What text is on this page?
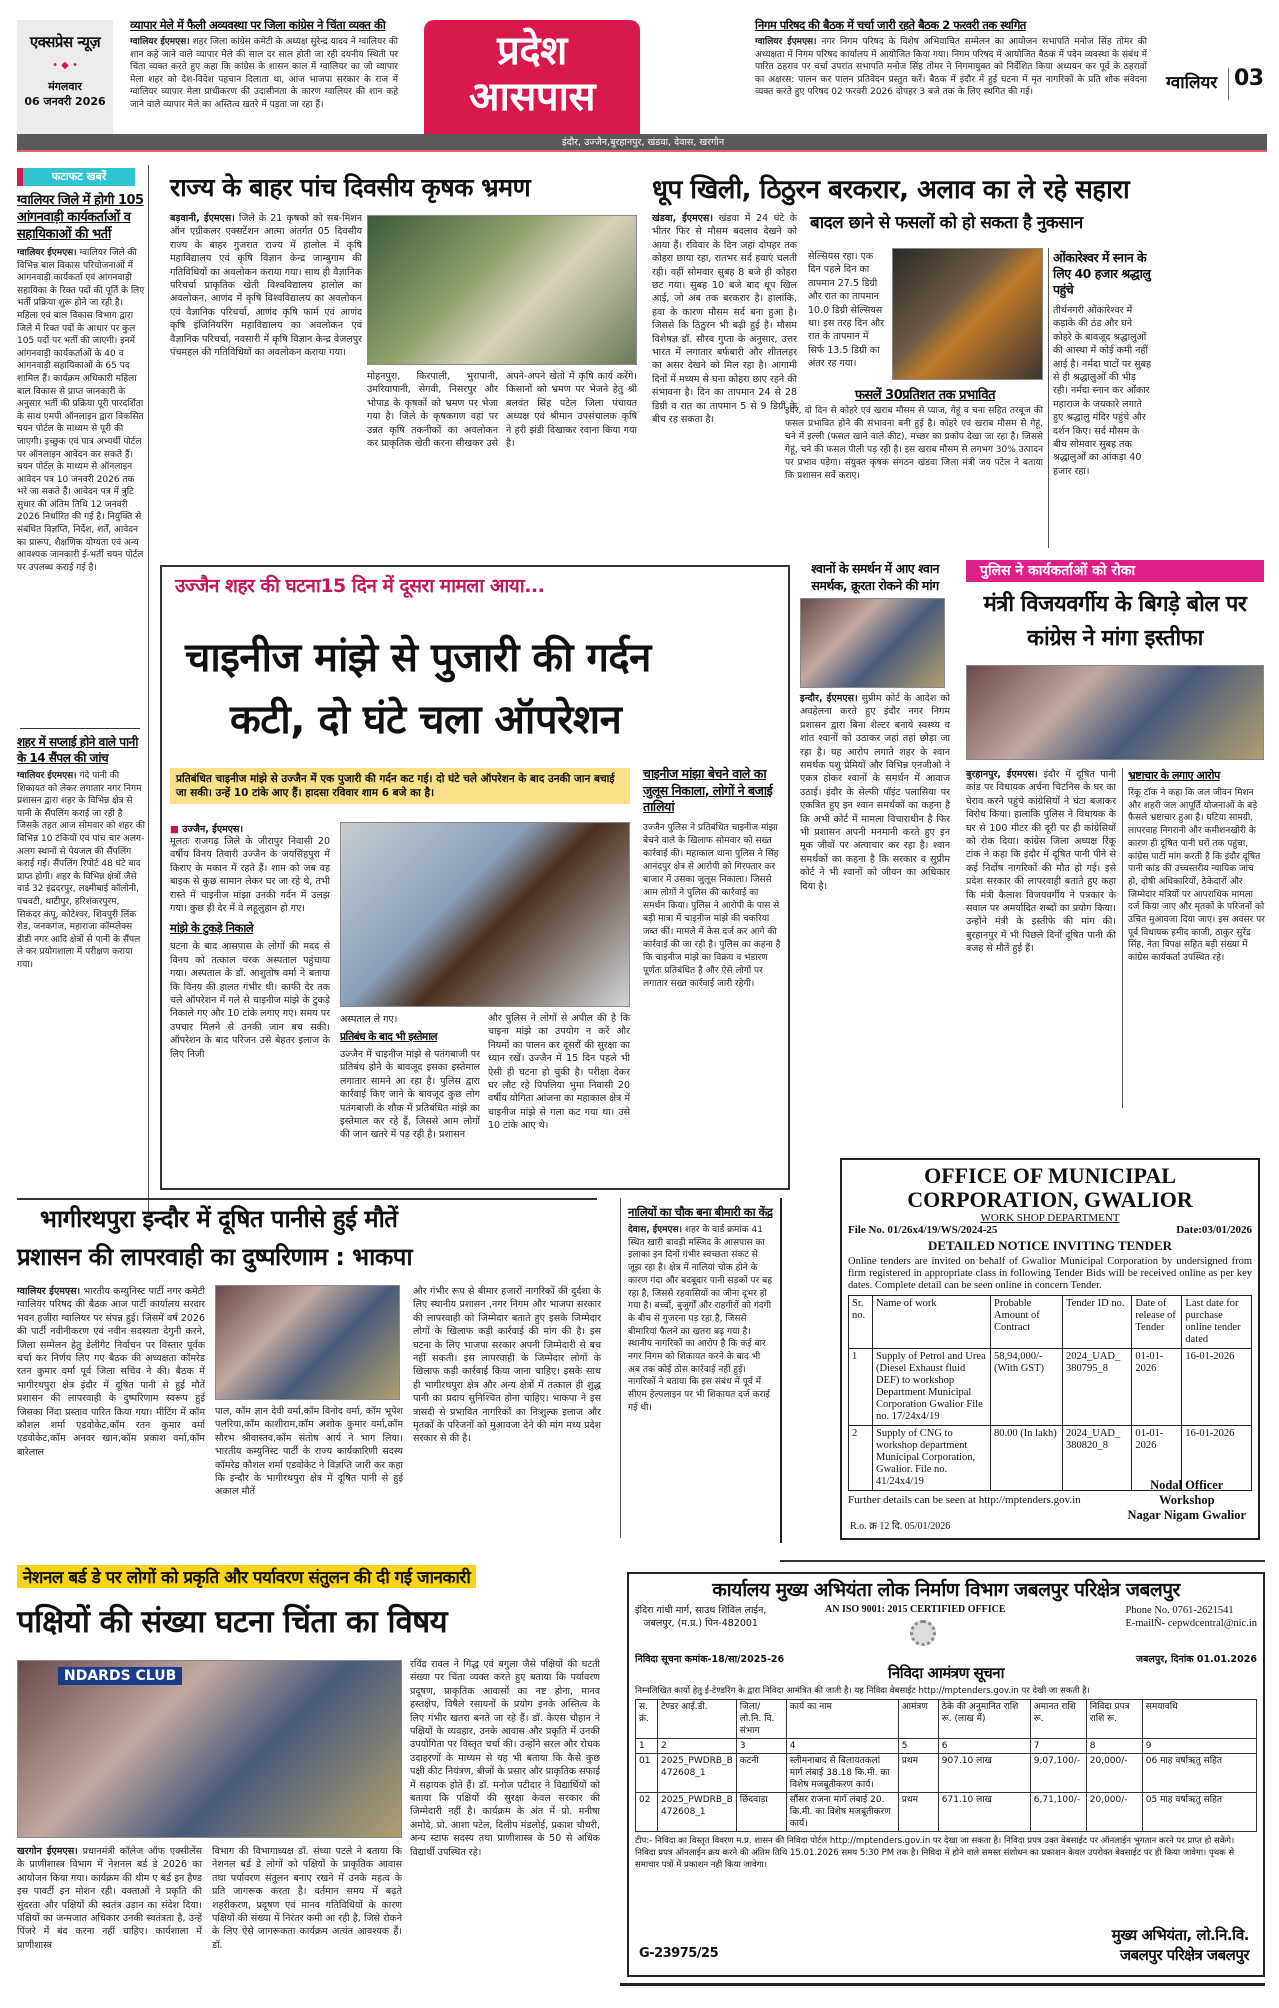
एक्सप्रेस न्यूज़
• ◆ •
मंगलवार
06 जनवरी 2026
व्यापार मेले में फैली अव्यवस्था पर जिला कांग्रेस ने चिंता व्यक्त की
ग्वालियर ईएमएस। शहर जिला कांग्रेस कमेटी के अध्यक्ष सुरेन्द्र यादव ने ग्वालियर की शान कहे जाने वाले व्यापार मेले की साल दर साल होती जा रही दयनीय स्थिती पर चिंता व्यक्त करते हुए कहा कि कांग्रेस के शासन काल में ग्वालियर का जो व्यापार मेला शहर को देश-विदेश पहचान दिलाता था, आज भाजपा सरकार के राज में ग्वालियर व्यापार मेला प्राधीकरण की उदासीनता के कारण ग्वालियर की शान कहे जाने वाले व्यापार मेले का अस्तित्व खतरे में पड़ता जा रहा हैं।
प्रदेश
आसपास
निगम परिषद की बैठक में चर्चा जारी रहते बैठक 2 फरवरी तक स्थगित
ग्वालियर ईएमएस। नगर निगम परिषद के विशेष अभियाचित सम्मेलन का आयोजन सभापति मनोज सिंह तोमर की अध्यक्षता में निगम परिषद कार्यालय में आयोजित किया गया। निगम परिषद में आयोजित बैठक में पदेन व्यवस्था के संबंध में पारित ठहराव पर चर्चा उपरांत सभापति मनोज सिंह तोमर ने निगमायुक्त को निर्देशित किया अध्ययन कर पूर्व के ठहरावों का अक्षरस: पालन कर पालन प्रतिवेदन प्रस्तुत करें। बैठक में इंदौर में हुई घटना में मृत नागरिकों के प्रति शोक संवेदना व्यक्त करते हुए परिषद 02 फरवरी 2026 दोपहर 3 बजे तक के लिए स्थगित की गई।	ग्वालियर 03
इंदौर, उज्जैन,बुरहानपुर, खंडवा, देवास, खरगौन
फटाफट खबरें
ग्वालियर जिले में होगी 105 आंगनवाड़ी कार्यकर्ताओं व सहायिकाओं की भर्ती
ग्वालियर ईएमएस। ग्वालियर जिले की विभिन्न बाल विकास परियोजनाओं में आंगनवाड़ी कार्यकर्ता एवं आंगनवाड़ी सहायिका के रिक्त पदों की पूर्ति के लिए भर्ती प्रक्रिया शुरू होने जा रही है। महिला एवं बाल विकास विभाग द्वारा जिले में रिक्त पदों के आधार पर कुल 105 पदों पर भर्ती की जाएगी। इनमें आंगनवाड़ी कार्यकर्ताओं के 40 व आंगनवाड़ी सहायिकाओं के 65 पद शामिल हैं। कार्यक्रम अधिकारी महिला बाल विकास से प्राप्त जानकारी के अनुसार भर्ती की प्रक्रिया पूरी पारदर्शिता के साथ एमपी ऑनलाइन द्वारा विकसित चयन पोर्टल के माध्यम से पूरी की जाएगी। इच्छुक एवं पात्र अभ्यर्थी पोर्टल पर ऑनलाइन आवेदन कर सकते हैं। चयन पोर्टल के माध्यम से ऑनलाइन आवेदन पत्र 10 जनवरी 2026 तक भरे जा सकते हैं। आवेदन पत्र में त्रुटि सुधार की अंतिम तिथि 12 जनवरी 2026 निर्धारित की गई है। नियुक्ति से संबंधित विज्ञप्ति, निर्देश, शर्तें, आवेदन का प्रारूप, शैक्षणिक योग्यता एवं अन्य आवश्यक जानकारी ई-भर्ती चयन पोर्टल पर उपलब्ध कराई गई है।
शहर में सप्लाई होने वाले पानी के 14 सैंपल की जांच
ग्वालियर ईएमएस। गंदे पानी की शिकायत को लेकर लगातार नगर निगम प्रशासन द्वारा शहर के विभिन्न क्षेत्र से पानी के सैंपलिंग कराई जा रही है जिसके तहत आज सोमवार को शहर की विभिन्न 10 टंकियों एवं पांच चार अलग-अलग स्थानों से पेयजल की सैंपलिंग कराई गई। सैंपलिंग रिपोर्ट 48 घंटे बाद प्राप्त होगी। शहर के विभिन्न क्षेत्रों जैसे वार्ड 32 इंद्रदरपुर, लक्ष्मीबाई कॉलोनी, पंचवटी, थाटीपुर, हरिशंकरपुरम, सिकंदर कंपू, कोटेश्वर, शिवपुरी लिंक रोड, जनकगंज, महाराजा कॉम्प्लेक्स डीडी नगर आदि क्षेत्रों से पानी के सैंपल ले कर प्रयोगशाला में परीक्षण कराया गया।
राज्य के बाहर पांच दिवसीय कृषक भ्रमण
बड़वानी, ईएमएस। जिले के 21 कृषको को सब-मिशन ऑन एग्रीकलर एक्सटेंशन आत्मा अंतर्गत 05 दिवसीय राज्य के बाहर गुजरात राज्य में हालोल में कृषि महाविद्यालय एवं कृषि विज्ञान केन्द्र जाम्बुगाम की गतिविधियों का अवलोकन कराया गया। साथ ही वैज्ञानिक परिचर्चा प्राकृतिक खेती विश्वविद्यालय हालोल का अवलोकन, आणंद में कृषि विश्वविद्यालय का अवलोकन एवं वैज्ञानिक परिचर्चा, आणंद कृषि फार्म एवं आणंद कृषि इंजिनियरिंग महाविद्यालय का अवलोकन एवं वैज्ञानिक परिचर्चा, नवसारी में कृषि विज्ञान केन्द्र वेजलपुर पंचमहल की गतिविधियों का अवलोकन कराया गया।
मोहनपुरा, किरपाली, भुरापानी, उमरियापानी, सेगवी, निसरपुर और भोपाड के कृषकों को भ्रमण पर भेजा गया है। जिले के कृषकगण वहां पर उन्नत कृषि तकनीकों का अवलोकन कर प्राकृतिक खेती करना सीखकर उसे अपने-अपने खेतो में कृषि कार्य करेंगे। किसानों को भ्रमण पर भेजने हेतु श्री बलवंत सिंह पटेल जिला पंचायत अध्यक्ष एवं श्रीमान उपसंचालक कृषि ने हरी झंडी दिखाकर रवाना किया गया है।
धूप खिली, ठिठुरन बरकरार, अलाव का ले रहे सहारा
खंडवा, ईएमएस। खंडवा में 24 घंटे के भीतर फिर से मौसम बदलाव देखने को आया हैं। रविवार के दिन जहां दोपहर तक कोहरा छाया रहा, रातभर सर्द हवाएं चलती रही। वहीं सोमवार सुबह 8 बजे ही कोहरा छट गया। सुबह 10 बजे बाद धूप खिल आई, जो अब तक बरकरार है। हालांकि, हवा के कारण मौसम सर्द बना हुआ है। जिससे कि ठिठुरन भी बढ़ी हुई है। मौसम विशेषज्ञ डॉ. सौरव गुप्ता के अनुसार, उत्तर भारत में लगातार बर्फबारी और शीतलहर का असर देखने को मिल रहा है। आगामी दिनों में मध्यम से घना कोहरा छाए रहने की संभावना है। दिन का तापमान 24 से 28 डिग्री व रात का तापमान 5 से 9 डिग्री के बीच रह सकता है।
बादल छाने से फसलों को हो सकता है नुकसान
सेल्सियस रहा। एक दिन पहले दिन का तापमान 27.5 डिग्री और रात का तापमान 10.0 डिग्री सेल्सियस था। इस तरह दिन और रात के तापमान में सिर्फ 13.5 डिग्री का अंतर रह गया।
फसलें 30प्रतिशत तक प्रभावित
इधर, दो दिन से कोहरे एवं खराब मौसम से प्याज, गेहूं व चना सहित तरबूज की फसल प्रभावित होने की संभावना बनी हुई है। कोहरे एवं खराब मौसम से गेहूं, चने में इल्ली (फसल खाने वाले कीट), मच्छर का प्रकोप देखा जा रहा है। जिससे गेहूं, चने की फसल पीली पड़ रही है। इस खराब मौसम से लगभग 30% उत्पादन पर प्रभाव पड़ेगा। संयुक्त कृषक संगठन खंडवा जिला मंत्री जय पटेल ने बताया कि प्रशासन सर्वे कराए।
ओंकारेश्वर में स्नान के लिए 40 हजार श्रद्धालु पहुंचे
तीर्थनगरी ओंकारेश्वर में कड़ाके की ठंड और घने कोहरे के बावजूद श्रद्धालुओं की आस्था में कोई कमी नहीं आई है। नर्मदा घाटों पर सुबह से ही श्रद्धालुओं की भीड़ रही। नर्मदा स्नान कर ओंकार महाराज के जयकारे लगाते हुए श्रद्धालु मंदिर पहुंचे और दर्शन किए। सर्द मौसम के बीच सोमवार सुबह तक श्रद्धालुओं का आंकड़ा 40 हजार रहा।
उज्जैन शहर की घटना15 दिन में दूसरा मामला आया...
चाइनीज मांझे से पुजारी की गर्दन
कटी, दो घंटे चला ऑपरेशन
प्रतिबंधित चाइनीज मांझे से उज्जैन में एक पुजारी की गर्दन कट गई। दो घंटे चले ऑपरेशन के बाद उनकी जान बचाई जा सकी। उन्हें 10 टांके आए हैं। हादसा रविवार शाम 6 बजे का है।
■ उज्जैन, ईएमएस।
मूलतः राजगढ़ जिले के जीरापुर निवासी 20 वर्षीय विनय तिवारी उज्जैन के जयसिंहपुरा में किराए के मकान में रहते हैं। शाम को जब वह बाइक से कुछ सामान लेकर घर जा रहे थे, तभी रास्ते में चाइनीज मांझा उनकी गर्दन में उलझ गया। कुछ ही देर में वे लहूलुहान हो गए।
मांझे के टुकड़े निकाले
घटना के बाद आसपास के लोगों की मदद से विनय को तत्काल चरक अस्पताल पहुंचाया गया। अस्पताल के डॉ. आशुतोष वर्मा ने बताया कि विनय की हालत गंभीर थी। काफी देर तक चले ऑपरेशन में गले से चाइनीज मांझे के टुकड़े निकाले गए और 10 टांके लगाए गए। समय पर उपचार मिलने से उनकी जान बच सकी। ऑपरेशन के बाद परिजन उसे बेहतर इलाज के लिए निजी
अस्पताल ले गए।
प्रतिबंध के बाद भी इस्तेमाल
उज्जैन में चाइनीज मांझे से पतंगबाजी पर प्रतिबंध होने के बावजूद इसका इस्तेमाल लगातार सामने आ रहा है। पुलिस द्वारा कार्रवाई किए जाने के बावजूद कुछ लोग पतंगबाजी के शौक में प्रतिबंधित मांझे का इस्तेमाल कर रहे हैं, जिससे आम लोगों की जान खतरे में पड़ रही है। प्रशासन
और पुलिस ने लोगों से अपील की है कि चाइना मांझे का उपयोग न करें और नियमों का पालन कर दूसरों की सुरक्षा का ध्यान रखें। उज्जैन में 15 दिन पहले भी ऐसी ही घटना हो चुकी है। परीक्षा देकर घर लौट रहे पिपलिया भुमा निवासी 20 वर्षीय योगिता आंजना का महाकाल क्षेत्र में चाइनीज मांझे से गला कट गया था। उसे 10 टांके आए थे।
चाइनीज मांझा बेचने वाले का जुलूस निकाला, लोगों ने बजाई तालियां
उज्जैन पुलिस ने प्रतिबंधित चाइनीज मांझा बेचने वाले के खिलाफ सोमवार को सख्त कार्रवाई की। महाकाल थाना पुलिस ने सिंह आनंदपुर क्षेत्र से आरोपी को गिरफ्तार कर बाजार में उसका जुलूस निकाला। जिससे आम लोगों ने पुलिस की कार्रवाई का समर्थन किया। पुलिस ने आरोपी के पास से बड़ी मात्रा में चाइनीज मांझे की चकरियां जब्त कीं। मामले में केस दर्ज कर आगे की कार्रवाई की जा रही है। पुलिस का कहना है कि चाइनीज मांझे का विक्रय व भंडारण पूर्णतः प्रतिबंधित है और ऐसे लोगों पर लगातार सख्त कार्रवाई जारी रहेगी।
श्वानों के समर्थन में आए श्वान समर्थक, क्रूरता रोकने की मांग
इन्दौर, ईएमएस। सुप्रीम कोर्ट के आदेश को अवहेलना करते हुए इंदौर नगर निगम प्रशासन द्वारा बिना शेल्टर बनाये स्वस्थ्य व शांत श्वानों को उठाकर जहां तहां छोड़ा जा रहा है। यह आरोप लगाते शहर के श्वान समर्थक पशु प्रेमियों और विभिन्न एनजीओ ने एकत्र होकर श्वानों के समर्थन में आवाज उठाई। इंदौर के सेल्फी पॉइंट पलासिया पर एकत्रित हुए इन श्वान समर्थकों का कहना है कि अभी कोर्ट में मामला विचाराधीन है फिर भी प्रशासन अपनी मनमानी करते हुए इन मूक जीवों पर अत्याचार कर रहा है। श्वान समर्थकों का कहना है कि सरकार व सुप्रीम कोर्ट ने भी श्वानों को जीवन का अधिकार दिया है।
पुलिस ने कार्यकर्ताओं को रोका
मंत्री विजयवर्गीय के बिगड़े बोल पर कांग्रेस ने मांगा इस्तीफा
बुरहानपुर, ईएमएस। इंदौर में दूषित पानी कांड पर विधायक अर्चना चिटनिस के घर का घेराव करने पहुंचे कांग्रेसियों ने घंटा बजाकर विरोध किया। हालांकि पुलिस ने विधायक के घर से 100 मीटर की दूरी पर ही कांग्रेसियों को रोक दिया। कांग्रेस जिला अध्यक्ष रिंकू टांक ने कहा कि इंदौर में दूषित पानी पीने से कई निर्दोष नागरिकों की मौत हो गई। इसे प्रदेश सरकार की लापरवाही बताते हुए कहा कि मंत्री कैलाश विजयवर्गीय ने पत्रकार के सवाल पर अमर्यादित शब्दों का प्रयोग किया। उन्होंने मंत्री के इस्तीफे की मांग की। बुरहानपुर में भी पिछले दिनों दूषित पानी की वजह से मौतें हुई हैं।
भ्रष्टाचार के लगाए आरोप
रिंकू टॉक ने कहा कि जल जीवन मिशन और शहरी जल आपूर्ति योजनाओं के बड़े फैसले भ्रष्टाचार हुआ है। घटिया सामग्री, लापरवाह निगरानी और कमीशनखोरी के कारण ही दूषित पानी घरों तक पहुंचा, कांग्रेस पार्टी मांग करती है कि इंदौर दूषित पानी कांड की उच्चस्तरीय न्यायिक जांच हो, दोषी अधिकारियों, ठेकेदारों और जिम्मेदार मंत्रियों पर आपराधिक मामला दर्ज किया जाए और मृतकों के परिजनों को उचित मुआवजा दिया जाए। इस अवसर पर पूर्व विधायक हमीद काजी, ठाकुर सुरेंद्र सिंह, नेता विपक्ष सहित बड़ी संख्या में कांग्रेस कार्यकर्ता उपस्थित रहे।
OFFICE OF MUNICIPAL
CORPORATION, GWALIOR
WORK SHOP DEPARTMENT
File No. 01/26x4/19/WS/2024-25	Date:03/01/2026
DETAILED NOTICE INVITING TENDER
Online tenders are invited on behalf of Gwalior Municipal Corporation by undersigned from firm registered in appropriate class in following Tender Bids will be received online as per key dates. Complete detail can be seen online in concern Tender.
Sr. no.	Name of work	Probable Amount of Contract	Tender ID no.	Date of release of Tender	Last date for purchase online tender dated
1	Supply of Petrol and Urea (Diesel Exhaust fluid DEF) to workshop Department Municipal Corporation Gwalior File no. 17/24x4/19	58,94,000/- (With GST)	2024_UAD_ 380795_8	01-01-2026	16-01-2026
2	Supply of CNG to workshop department Municipal Corporation, Gwalior. File no. 41/24x4/19	80.00 (In lakh)	2024_UAD_ 380820_8	01-01-2026	16-01-2026
Further details can be seen at http://mptenders.gov.in
Nodal Officer
Workshop
Nagar Nigam Gwalior
R.o. क्र 12 दि. 05/01/2026
भागीरथपुरा इन्दौर में दूषित पानीसे हुई मौतें
प्रशासन की लापरवाही का दुष्परिणाम : भाकपा
ग्वालियर ईएमएस। भारतीय कम्युनिस्ट पार्टी नगर कमेटी ग्वालियर परिषद की बैठक आज पार्टी कार्यालय सरदार भवन हजीरा ग्वालियर पर संपन्न हुई। जिसमें वर्ष 2026 की पार्टी नवीनीकरण एवं नवीन सदस्यता देगुनी करने, जिला सम्मेलन हेतु डेलीगेट निर्वाचन पर विस्तार पूर्वक चर्चा कर निर्णय लिए गए बैठक की अध्यक्षता कॉमरेड रतन कुमार वर्मा पूर्व जिला सचिव ने की। बैठक में भागीरथपुरा क्षेत्र इंदौर में दूषित पानी से हुई मौतें प्रशासन की लापरवाही के दुष्परिणाम स्वरूप हुई जिसका निंदा प्रस्ताव पारित किया गया। मीटिंग में कॉम कौशल शर्मा एडवोकेट,कॉम रतन कुमार वर्मा एडवोकेट,कॉम अनवर खान,कॉम प्रकाश वर्मा,कॉम बारेलाल
पाल, कॉम ज्ञान देवी वर्मा,कॉम विनोद वर्मा, कॉम भूपेश पलरिया,कॉम काशीराम,कॉम अशोक कुमार वर्मा,कॉम सौरभ श्रीवास्तव,कॉम संतोष आर्य ने भाग लिया। भारतीय कम्युनिस्ट पार्टी के राज्य कार्यकारिणी सदस्य कॉमरेड कौशल शर्मा एडवोकेट ने विज्ञप्ति जारी कर कहा कि इन्दौर के भागीरथपुरा क्षेत्र में दूषित पानी से हुई अकाल मौतें
और गंभीर रूप से बीमार हजारों नागरिकों की दुर्दशा के लिए स्थानीय प्रशासन ,नगर निगम और भाजपा सरकार की लापरवाही को जिम्मेदार बताते हुए इसके जिम्मेदार लोगों के खिलाफ कड़ी कार्रवाई की मांग की है। इस घटना के लिए भाजपा सरकार अपनी जिम्मेदारी से बच नहीं सकती। इस लापरवाही के जिम्मेदार लोगों के खिलाफ कड़ी कार्रवाई किया जाना चाहिए। इसके साथ ही भागीरथपुरा क्षेत्र और अन्य क्षेत्रों में तत्काल ही शुद्ध पानी का प्रदाय सुनिश्चित होना चाहिए। भाकपा ने इस त्रासदी से प्रभावित नागरिकों का निःशुल्क इलाज और मृतकों के परिजनों को मुआवजा देने की मांग मध्य प्रदेश सरकार से की है।
नालियों का चौक बना बीमारी का केंद्र
देवास, ईएमएस। शहर के वार्ड क्रमांक 41 स्थित खारी बावड़ी मस्जिद के आसपास का इलाका इन दिनों गंभीर स्वच्छता संकट से जूझ रहा है। क्षेत्र में नालियां चोक होने के कारण गंदा और बदबूदार पानी सड़कों पर बह रहा है, जिससे रहवासियों का जीना दूभर हो गया है। बच्चों, बुजुर्गों और राहगीरों को गंदगी के बीच से गुजरना पड़ रहा है, जिससे बीमारियां फैलने का खतरा बढ़ गया है। स्थानीय नागरिकों का आरोप है कि कई बार नगर निगम को शिकायत करने के बाद भी अब तक कोई ठोस कार्रवाई नहीं हुई। नागरिकों ने बताया कि इस संबंध में पूर्व में सीएम हेल्पलाइन पर भी शिकायत दर्ज कराई गई थी।
नेशनल बर्ड डे पर लोगों को प्रकृति और पर्यावरण संतुलन की दी गई जानकारी
पक्षियों की संख्या घटना चिंता का विषय
NDARDS CLUB
रविंद्र रावल ने गिद्ध एवं बगुला जैसे पक्षियों की घटती संख्या पर चिंता व्यक्त करते हुए बताया कि पर्यावरण प्रदूषण, प्राकृतिक आवासों का नष्ट होना, मानव हस्तक्षेप, विषैले रसायनों के प्रयोग इनके अस्तित्व के लिए गंभीर खतरा बनते जा रहे हैं। डॉ. केएस चौहान ने पक्षियों के व्यवहार, उनके आवास और प्रकृति में उनकी उपयोगिता पर विस्तृत चर्चा की। उन्होंने सरल और रोचक उदाहरणों के माध्यम से यह भी बताया कि कैसे कुछ पक्षी कीट नियंत्रण, बीजों के प्रसार और प्राकृतिक सफाई में सहायक होते हैं। डॉ. मनोज पटीदार ने विद्यार्थियों को बताया कि पक्षियों की सुरक्षा केवल सरकार की जिम्मेदारी नहीं है। कार्यक्रम के अंत में प्रो. मनीषा अमोदे, प्रो. आशा पटेल, दिलीप मंडलोई, प्रकाश चौधरी, अन्य स्टाफ सदस्य तथा प्राणीशास्त्र के 50 से अधिक विद्यार्थी उपस्थित रहे।
खरगोन ईएमएस। प्रधानमंत्री कॉलेज ऑफ एक्सीलेंस के प्राणीशास्त्र विभाग में नेशनल बर्ड डे 2026 का आयोजन किया गया। कार्यक्रम की थीम ए बर्ड इन हैण्ड इस पावर्टी इन मोशन रही। वक्ताओं ने प्रकृति की सुंदरता और पक्षियों की स्वतंत्र उड़ान का संदेश दिया। पक्षियों का जन्मजात अधिकार उनकी स्वतंत्रता है, उन्हें पिंजरे में बंद करना नहीं चाहिए। कार्यशाला में प्राणीशास्त्र
विभाग की विभागाध्यक्ष डॉ. संध्या पटले ने बताया कि नेशनल बर्ड डे लोगों को पक्षियों के प्राकृतिक आवास तथा पर्यावरण संतुलन बनाए रखने में उनके महत्व के प्रति जागरूक करता है। वर्तमान समय में बढ़ते शहरीकरण, प्रदूषण एवं मानव गतिविधियों के कारण पक्षियों की संख्या में निरंतर कमी आ रही है, जिसे रोकने के लिए ऐसे जागरूकता कार्यक्रम अत्यंत आवश्यक हैं। डॉ.
कार्यालय मुख्य अभियंता लोक निर्माण विभाग जबलपुर परिक्षेत्र जबलपुर
इंदिरा गांधी मार्ग, साउथ शिविल लाईन,
जबलपुर, (म.प्र.) पिन-482001
AN ISO 9001: 2015 CERTIFIED OFFICE	Phone No. 0761-2621541
E-mailÑ- cepwdcentral@nic.in
निविदा सूचना कमांक-18/सा/2025-26	जबलपुर, दिनांक 01.01.2026
निविदा आमंत्रण सूचना
निम्नलिखित कार्यो हेतु ई-टेण्डरिंग के द्वारा निविदा आमंत्रित की जाती है। यह निविदा वेबसाईट http://mptenders.gov.in पर देखी जा सकती है।
स. क्रं.	टेण्डर आई.डी.	जिला/ लो.नि. वि. संभाग	कार्य का नाम	आमंत्रण	ठेके की अनुमानित राशि रू. (लाख में)	अमानत राशि रू.	निविदा प्रपत्र राशि रू.	समयावधि
1	2	3	4	5	6	7	8	9
01	2025_PWDRB_B 472608_1	कटनी	स्लीमनाबाद से बिलायतकलां मार्ग लंबाई 38.18 कि.मी. का विशेष मजबूतीकरण कार्य।	प्रथम	907.10 लाख	9,07,100/-	20,000/-	06 माह वर्षाऋतु सहित
02	2025_PWDRB_B 472608_1	छिंदवाड़ा	सौंसर राजना मार्ग लंबाई 20. कि.मी. का विशेष मजबूतीकरण कार्य।	प्रथम	671.10 लाख	6,71,100/-	20,000/-	05 माह वर्षाऋतु सहित
टीप:- निविदा का विस्तृत विवरण म.प्र. शासन की निविदा पोर्टल http://mptenders.gov.in पर देखा जा सकता है। निविदा प्रपत्र उक्त वेबसाईट पर ऑनलाईन भुगतान करने पर प्राप्त हो सकेंगे। निविदा प्रपत्र ऑनलाईन क्रय करने की अंतिम तिथि 15.01.2026 समय 5:30 PM तक है। निविदा में होने वाले समस्त संशोधन का प्रकाशन केवल उपरोक्त बेवसाईट पर ही किया जावेगा। पृथक से समाचार पत्रों में प्रकाशन नही किया जावेगा।
G-23975/25
मुख्य अभियंता, लो.नि.वि.
जबलपुर परिक्षेत्र जबलपुर
